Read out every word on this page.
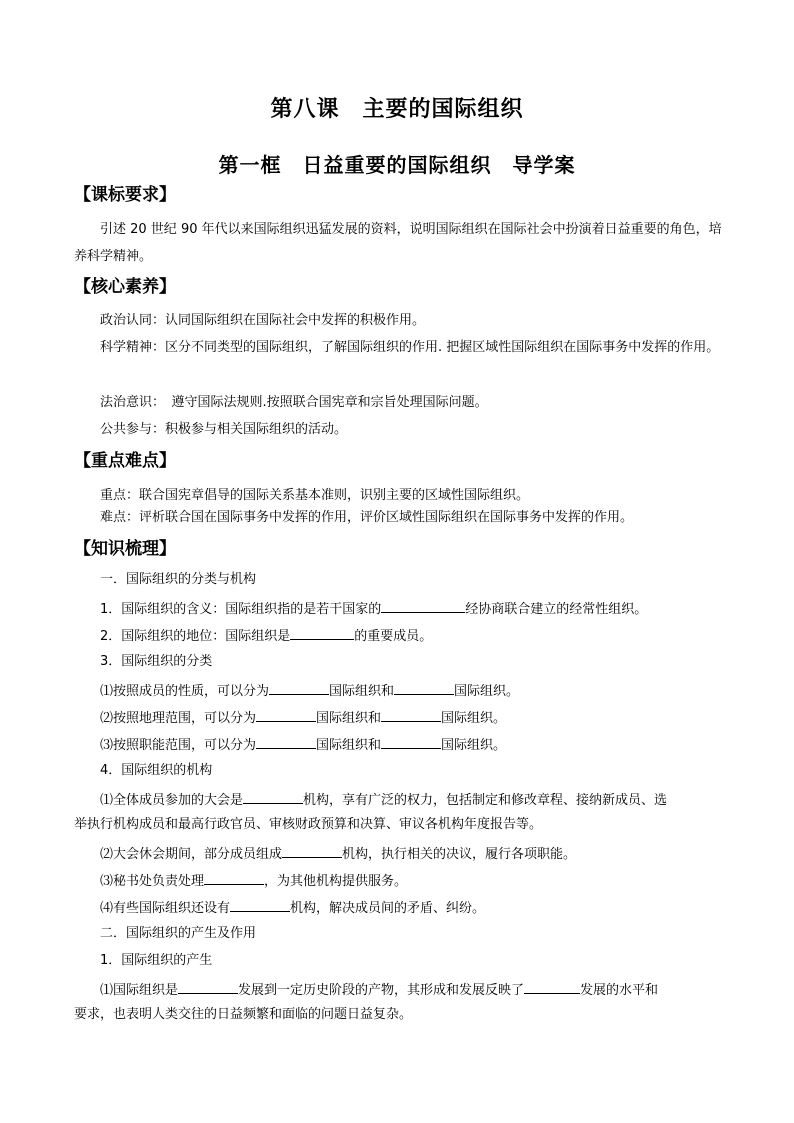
第八课　主要的国际组织
第一框　日益重要的国际组织　导学案
【课标要求】
引述 20 世纪 90 年代以来国际组织迅猛发展的资料，说明国际组织在国际社会中扮演着日益重要的角色，培养科学精神。
【核心素养】
政治认同：认同国际组织在国际社会中发挥的积极作用。
科学精神：区分不同类型的国际组织，了解国际组织的作用. 把握区域性国际组织在国际事务中发挥的作用。
法治意识：　遵守国际法规则.按照联合国宪章和宗旨处理国际问题。
公共参与：积极参与相关国际组织的活动。
【重点难点】
重点：联合国宪章倡导的国际关系基本准则，识别主要的区域性国际组织。
难点：评析联合国在国际事务中发挥的作用，评价区域性国际组织在国际事务中发挥的作用。
【知识梳理】
一．国际组织的分类与机构
1．国际组织的含义：国际组织指的是若干国家的	经协商联合建立的经常性组织。
2．国际组织的地位：国际组织是	的重要成员。
3．国际组织的分类
⑴按照成员的性质，可以分为	国际组织和	国际组织。
⑵按照地理范围，可以分为	国际组织和	国际组织。
⑶按照职能范围，可以分为	国际组织和	国际组织。
4．国际组织的机构
⑴全体成员参加的大会是	机构，享有广泛的权力，包括制定和修改章程、接纳新成员、选
举执行机构成员和最高行政官员、审核财政预算和决算、审议各机构年度报告等。
⑵大会休会期间，部分成员组成	机构，执行相关的决议，履行各项职能。
⑶秘书处负责处理	，为其他机构提供服务。
⑷有些国际组织还设有	机构，解决成员间的矛盾、纠纷。
二．国际组织的产生及作用
1．国际组织的产生
⑴国际组织是	发展到一定历史阶段的产物，其形成和发展反映了	发展的水平和
要求，也表明人类交往的日益频繁和面临的问题日益复杂。
